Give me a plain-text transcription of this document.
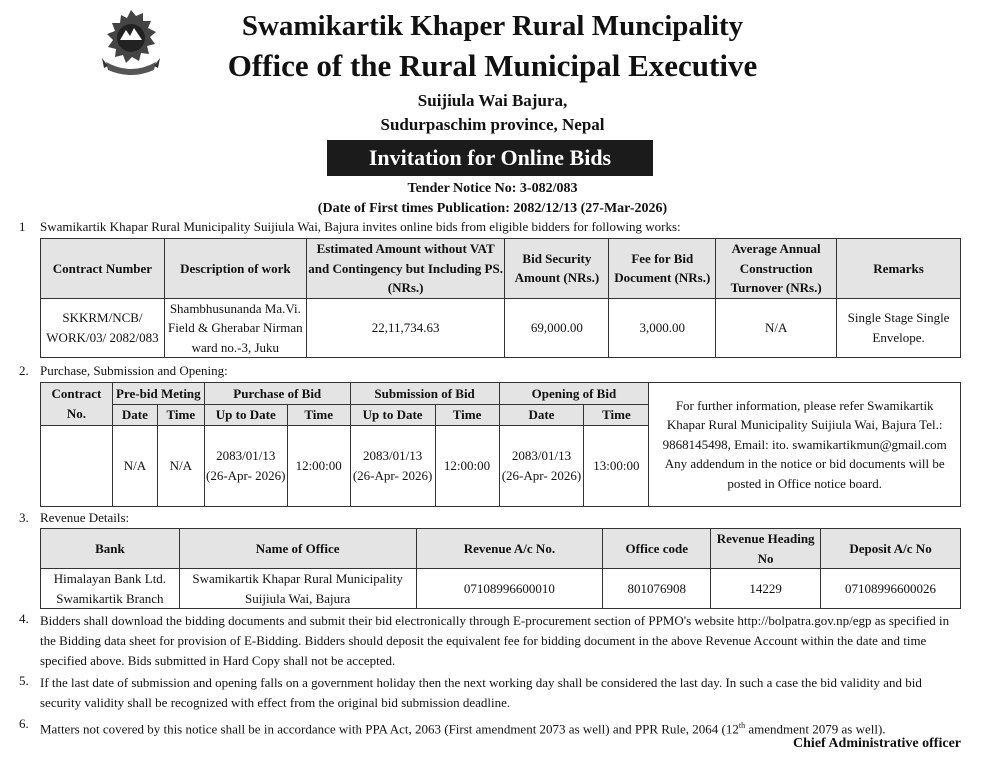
Swamikartik Khaper Rural Muncipality
Office of the Rural Municipal Executive
Suijiula Wai Bajura,
Sudurpaschim province, Nepal
Invitation for Online Bids
Tender Notice No: 3-082/083
(Date of First times Publication: 2082/12/13 (27-Mar-2026)
1 Swamikartik Khapar Rural Municipality Suijiula Wai, Bajura invites online bids from eligible bidders for following works:
Contract Number	Description of work	Estimated Amount without VAT and Contingency but Including PS. (NRs.)	Bid Security Amount (NRs.)	Fee for Bid Document (NRs.)	Average Annual Construction Turnover (NRs.)	Remarks
SKKRM/NCB/ WORK/03/ 2082/083	Shambhusunanda Ma.Vi. Field & Gherabar Nirman ward no.-3, Juku	22,11,734.63	69,000.00	3,000.00	N/A	Single Stage Single Envelope.
2. Purchase, Submission and Opening:
Contract No.	Pre-bid Meting		Purchase of Bid		Submission of Bid		Opening of Bid		For further information, please refer Swamikartik Khapar Rural Municipality Suijiula Wai, Bajura Tel.: 9868145498, Email: ito. swamikartikmun@gmail.com Any addendum in the notice or bid documents will be posted in Office notice board.
	Date	Time	Up to Date	Time	Up to Date	Time	Date	Time	
	N/A	N/A	2083/01/13 (26-Apr- 2026)	12:00:00	2083/01/13 (26-Apr- 2026)	12:00:00	2083/01/13 (26-Apr- 2026)	13:00:00	
3. Revenue Details:
Bank	Name of Office	Revenue A/c No.	Office code	Revenue Heading No	Deposit A/c No
Himalayan Bank Ltd. Swamikartik Branch	Swamikartik Khapar Rural Municipality Suijiula Wai, Bajura	07108996600010	801076908	14229	07108996600026
4. Bidders shall download the bidding documents and submit their bid electronically through E-procurement section of PPMO's website http://bolpatra.gov.np/egp as specified in the Bidding data sheet for provision of E-Bidding. Bidders should deposit the equivalent fee for bidding document in the above Revenue Account within the date and time specified above. Bids submitted in Hard Copy shall not be accepted.
5. If the last date of submission and opening falls on a government holiday then the next working day shall be considered the last day. In such a case the bid validity and bid security validity shall be recognized with effect from the original bid submission deadline.
6. Matters not covered by this notice shall be in accordance with PPA Act, 2063 (First amendment 2073 as well) and PPR Rule, 2064 (12th amendment 2079 as well).
Chief Administrative officer
